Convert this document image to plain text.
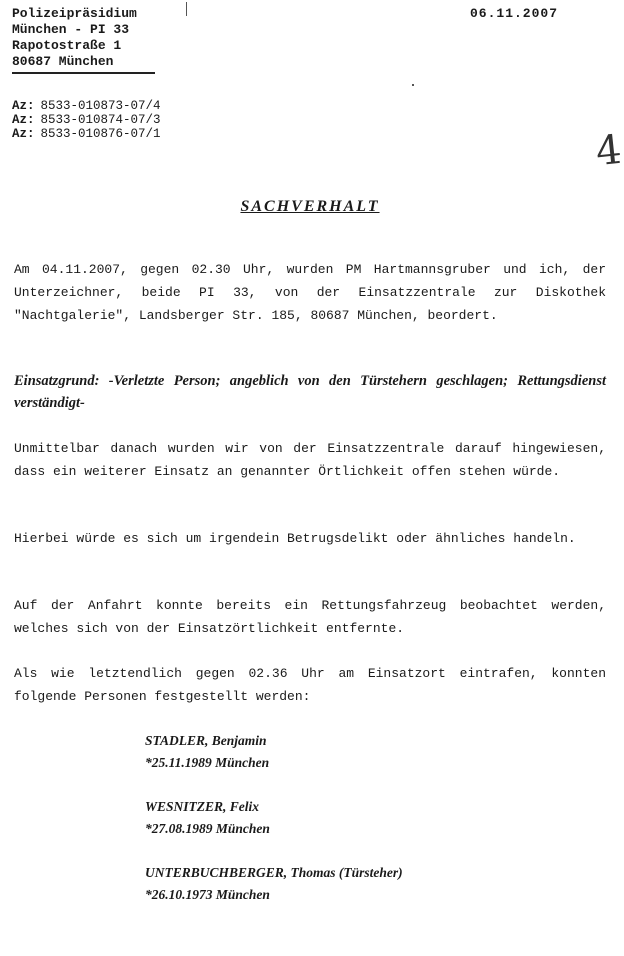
Polizeipräsidium
München - PI 33
Rapotostraße 1
80687 München
06.11.2007
Az: 8533-010873-07/4
Az: 8533-010874-07/3
Az: 8533-010876-07/1	4
SACHVERHALT
Am 04.11.2007, gegen 02.30 Uhr, wurden PM Hartmannsgruber und ich, der Unterzeichner, beide PI 33, von der Einsatzzentrale zur Diskothek "Nachtgalerie", Landsberger Str. 185, 80687 München, beordert.
Einsatzgrund: -Verletzte Person; angeblich von den Türstehern geschlagen; Rettungsdienst verständigt-
Unmittelbar danach wurden wir von der Einsatzzentrale darauf hingewiesen, dass ein weiterer Einsatz an genannter Örtlichkeit offen stehen würde.
Hierbei würde es sich um irgendein Betrugsdelikt oder ähnliches handeln.
Auf der Anfahrt konnte bereits ein Rettungsfahrzeug beobachtet werden, welches sich von der Einsatzörtlichkeit entfernte.
Als wie letztendlich gegen 02.36 Uhr am Einsatzort eintrafen, konnten folgende Personen festgestellt werden:
STADLER, Benjamin
*25.11.1989 München
WESNITZER, Felix
*27.08.1989 München
UNTERBUCHBERGER, Thomas (Türsteher)
*26.10.1973 München
